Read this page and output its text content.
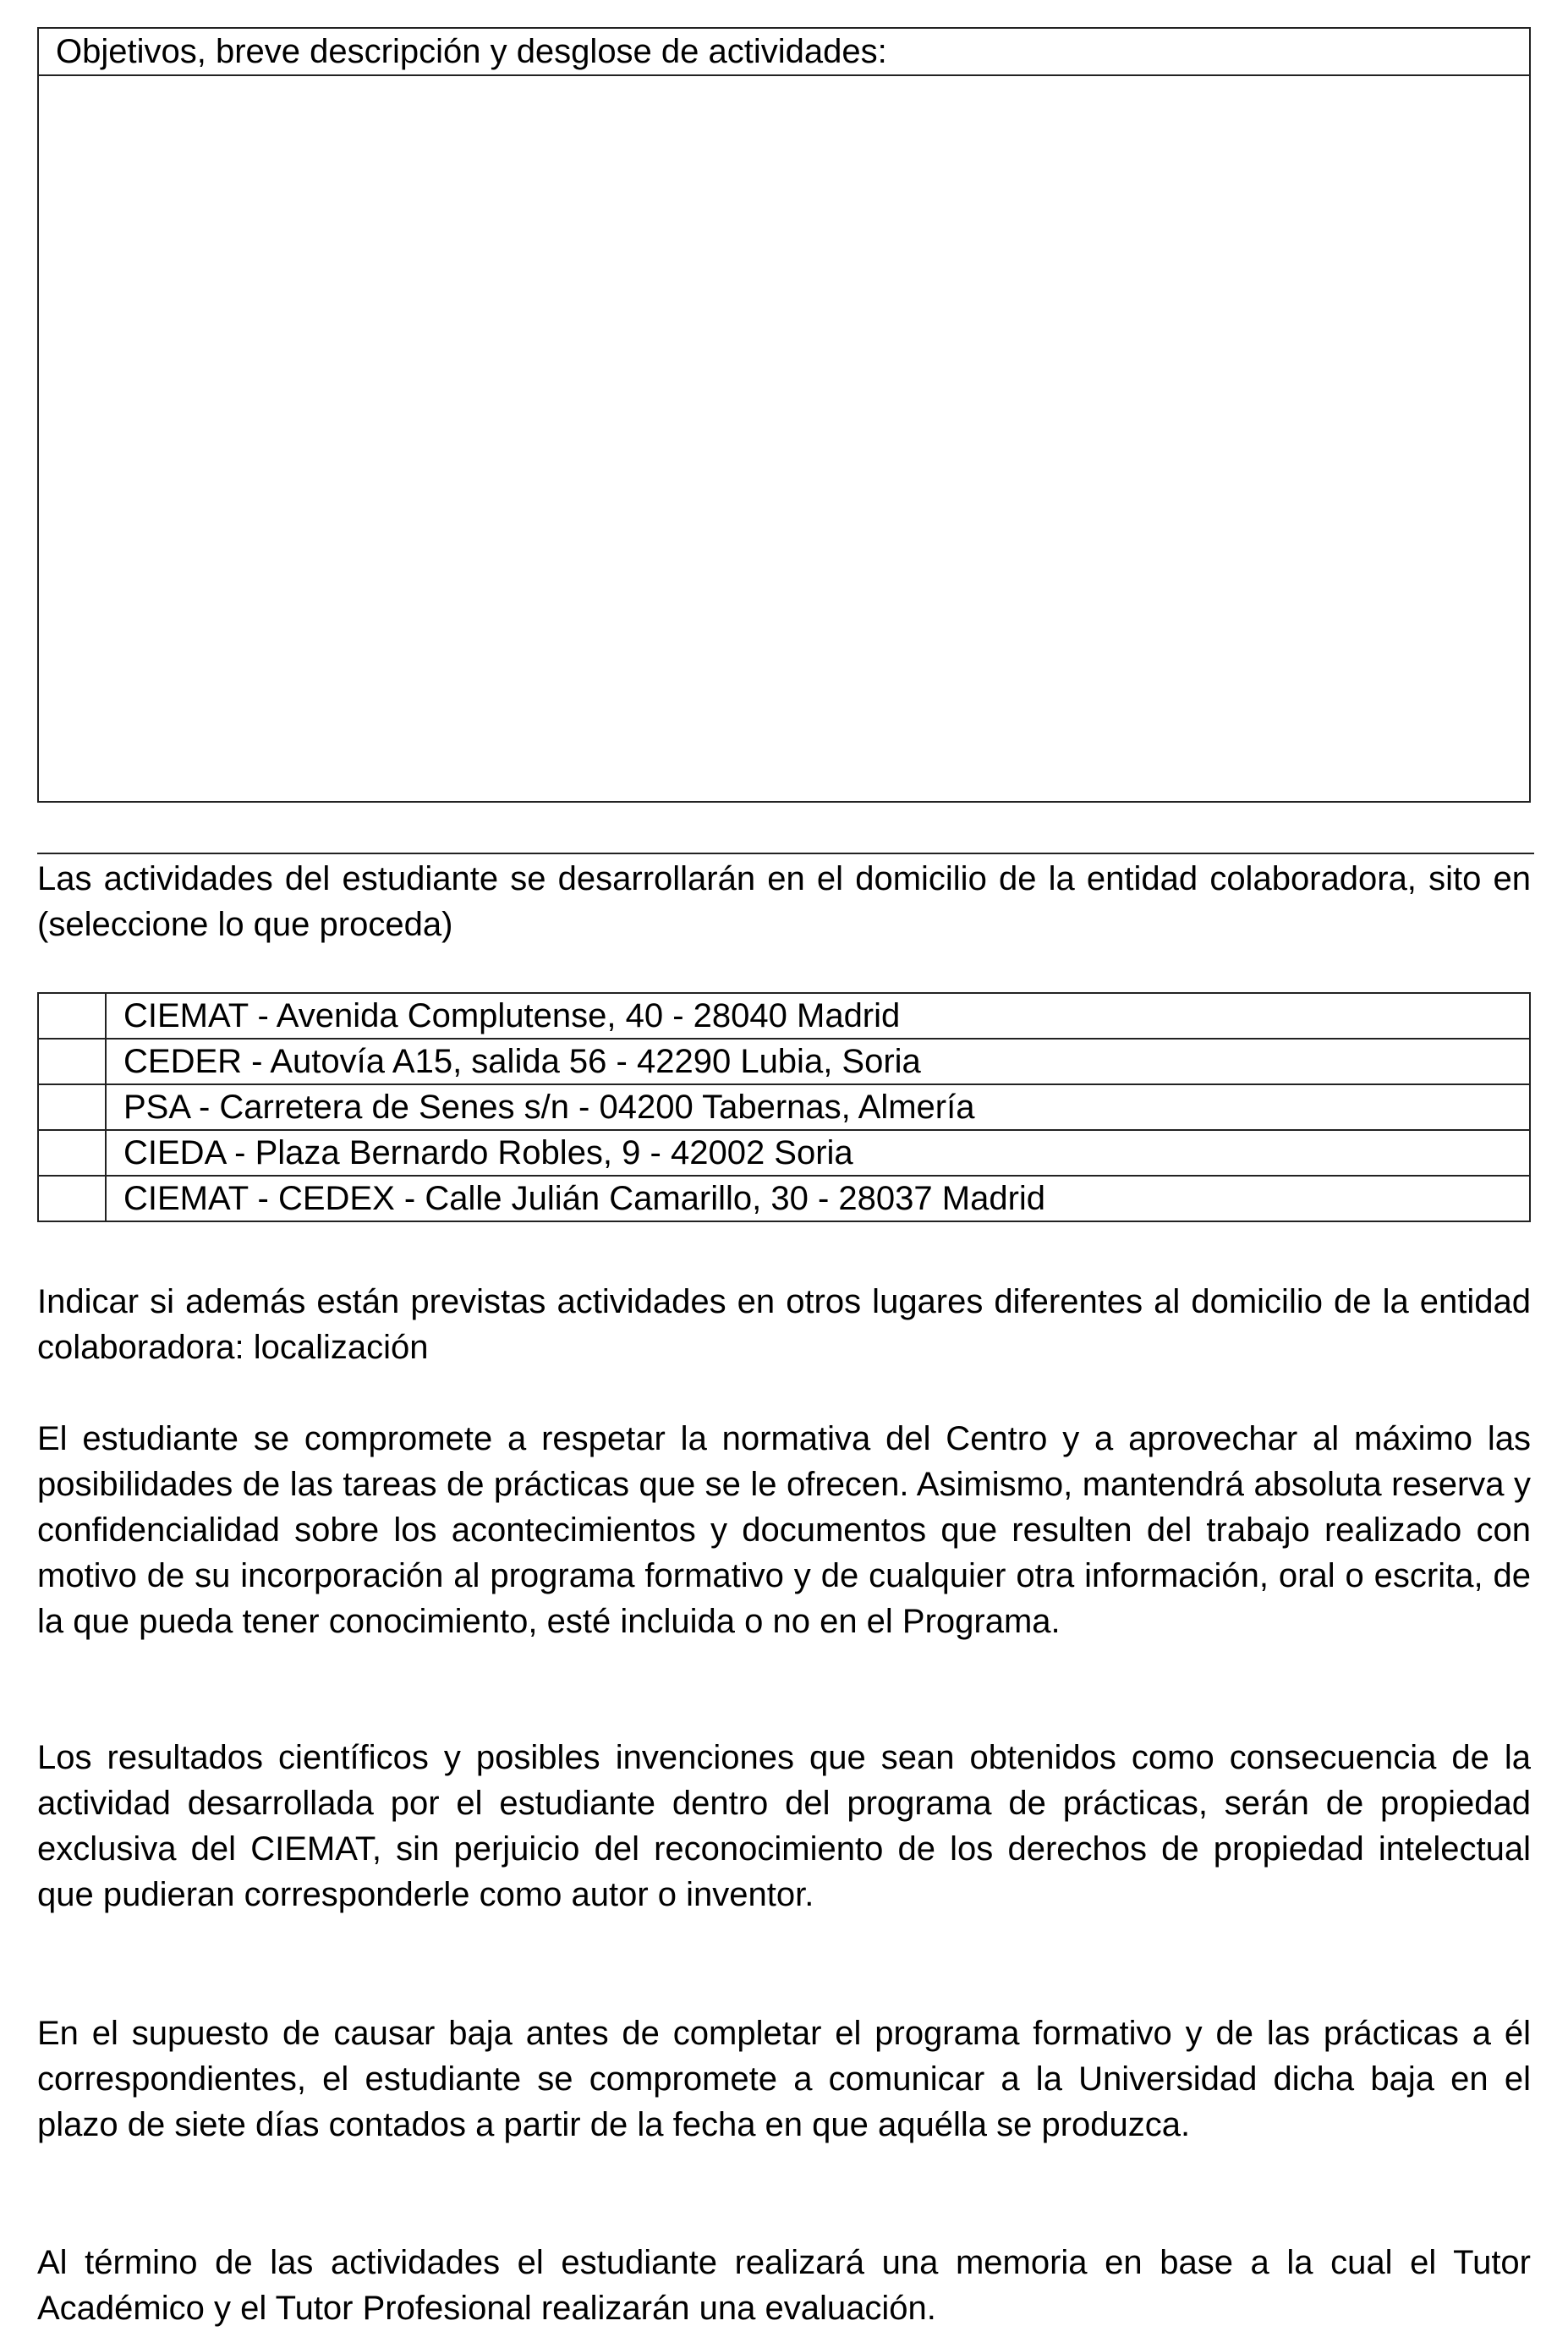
Objetivos, breve descripción y desglose de actividades:

Las actividades del estudiante se desarrollarán en el domicilio de la entidad colaboradora, sito en (seleccione lo que proceda)

	CIEMAT - Avenida Complutense, 40 - 28040 Madrid
	CEDER - Autovía A15, salida 56 - 42290 Lubia, Soria
	PSA - Carretera de Senes s/n - 04200 Tabernas, Almería
	CIEDA - Plaza Bernardo Robles, 9 - 42002 Soria
	CIEMAT - CEDEX - Calle Julián Camarillo, 30 - 28037 Madrid

Indicar si además están previstas actividades en otros lugares diferentes al domicilio de la entidad colaboradora: localización

El estudiante se compromete a respetar la normativa del Centro y a aprovechar al máximo las posibilidades de las tareas de prácticas que se le ofrecen. Asimismo, mantendrá absoluta reserva y confidencialidad sobre los acontecimientos y documentos que resulten del trabajo realizado con motivo de su incorporación al programa formativo y de cualquier otra información, oral o escrita, de la que pueda tener conocimiento, esté incluida o no en el Programa.

Los resultados científicos y posibles invenciones que sean obtenidos como consecuencia de la actividad desarrollada por el estudiante dentro del programa de prácticas, serán de propiedad exclusiva del CIEMAT, sin perjuicio del reconocimiento de los derechos de propiedad intelectual que pudieran corresponderle como autor o inventor.

En el supuesto de causar baja antes de completar el programa formativo y de las prácticas a él correspondientes, el estudiante se compromete a comunicar a la Universidad dicha baja en el plazo de siete días contados a partir de la fecha en que aquélla se produzca.

Al término de las actividades el estudiante realizará una memoria en base a la cual el Tutor Académico y el Tutor Profesional realizarán una evaluación.
